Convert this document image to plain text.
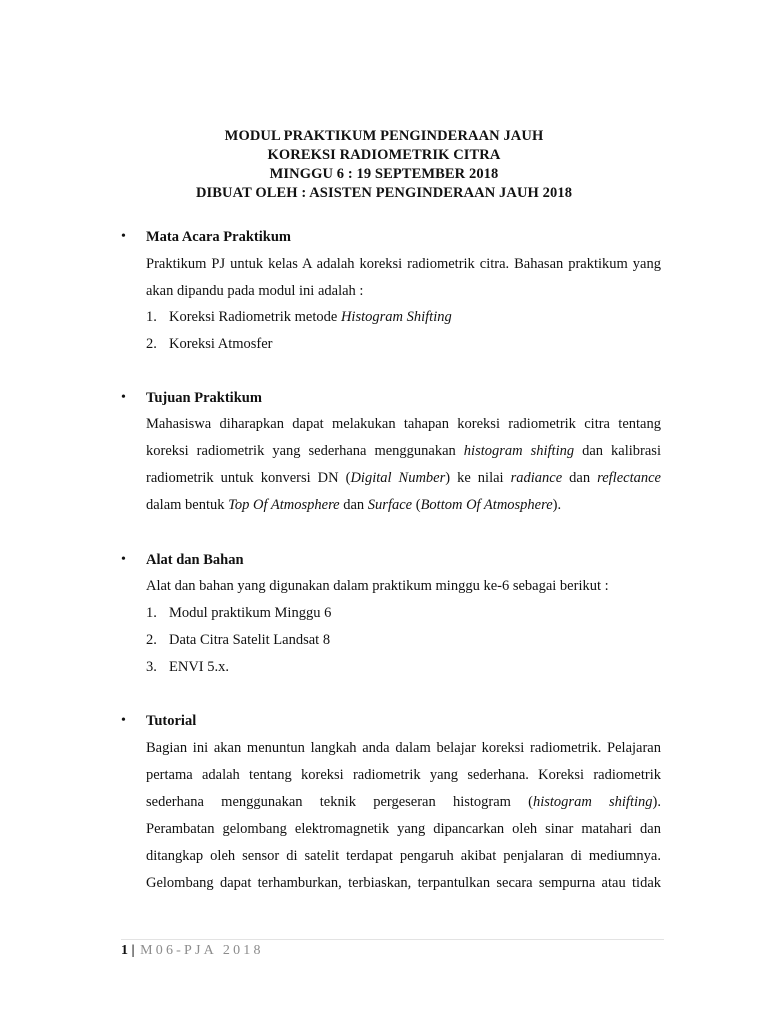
MODUL PRAKTIKUM PENGINDERAAN JAUH
KOREKSI RADIOMETRIK CITRA
MINGGU 6 : 19 SEPTEMBER 2018
DIBUAT OLEH : ASISTEN PENGINDERAAN JAUH 2018
• Mata Acara Praktikum
Praktikum PJ untuk kelas A adalah koreksi radiometrik citra. Bahasan praktikum yang
akan dipandu pada modul ini adalah :
1. Koreksi Radiometrik metode Histogram Shifting
2. Koreksi Atmosfer
• Tujuan Praktikum
Mahasiswa diharapkan dapat melakukan tahapan koreksi radiometrik citra tentang
koreksi radiometrik yang sederhana menggunakan histogram shifting dan kalibrasi
radiometrik untuk konversi DN (Digital Number) ke nilai radiance dan reflectance
dalam bentuk Top Of Atmosphere dan Surface (Bottom Of Atmosphere).
• Alat dan Bahan
Alat dan bahan yang digunakan dalam praktikum minggu ke-6 sebagai berikut :
1. Modul praktikum Minggu 6
2. Data Citra Satelit Landsat 8
3. ENVI 5.x.
• Tutorial
Bagian ini akan menuntun langkah anda dalam belajar koreksi radiometrik. Pelajaran
pertama adalah tentang koreksi radiometrik yang sederhana. Koreksi radiometrik
sederhana menggunakan teknik pergeseran histogram (histogram shifting).
Perambatan gelombang elektromagnetik yang dipancarkan oleh sinar matahari dan
ditangkap oleh sensor di satelit terdapat pengaruh akibat penjalaran di mediumnya.
Gelombang dapat terhamburkan, terbiaskan, terpantulkan secara sempurna atau tidak
1 | M06-PJA 2018
